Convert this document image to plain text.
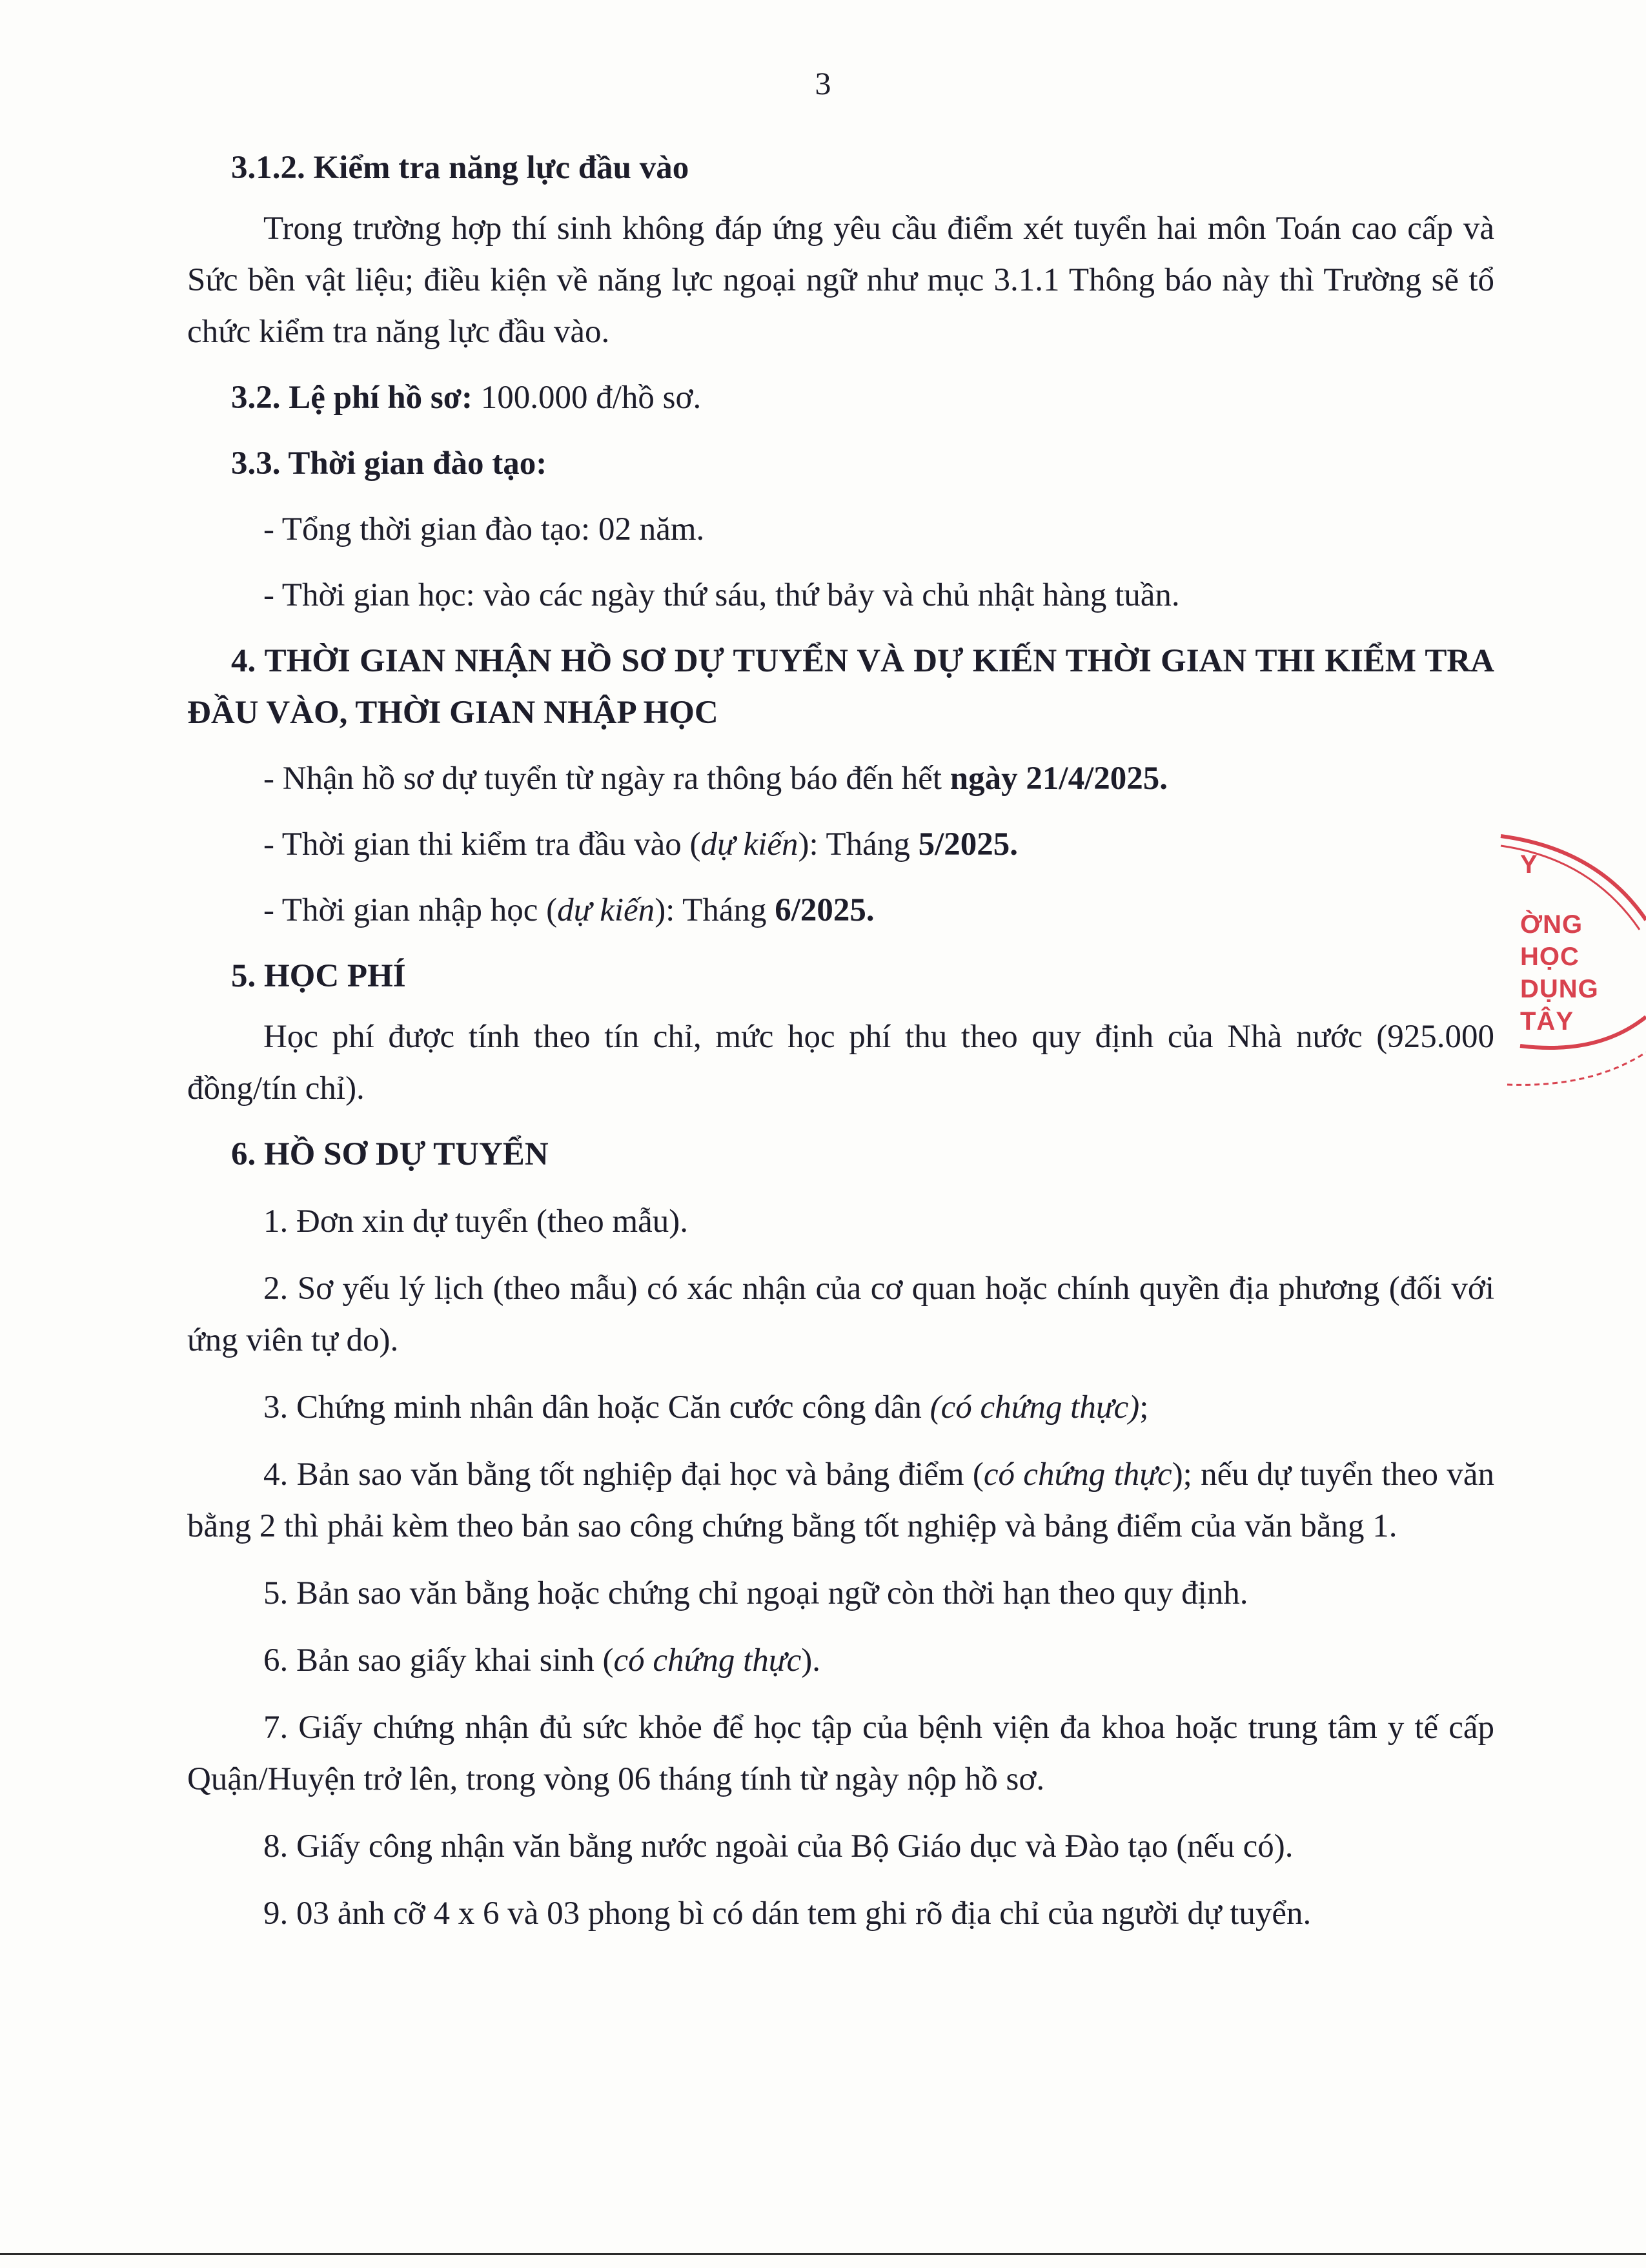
3
3.1.2. Kiểm tra năng lực đầu vào
Trong trường hợp thí sinh không đáp ứng yêu cầu điểm xét tuyển hai môn Toán cao cấp và Sức bền vật liệu; điều kiện về năng lực ngoại ngữ như mục 3.1.1 Thông báo này thì Trường sẽ tổ chức kiểm tra năng lực đầu vào.
3.2. Lệ phí hồ sơ: 100.000 đ/hồ sơ.
3.3. Thời gian đào tạo:
- Tổng thời gian đào tạo: 02 năm.
- Thời gian học: vào các ngày thứ sáu, thứ bảy và chủ nhật hàng tuần.
4. THỜI GIAN NHẬN HỒ SƠ DỰ TUYỂN VÀ DỰ KIẾN THỜI GIAN THI KIỂM TRA ĐẦU VÀO, THỜI GIAN NHẬP HỌC
- Nhận hồ sơ dự tuyển từ ngày ra thông báo đến hết ngày 21/4/2025.
- Thời gian thi kiểm tra đầu vào (dự kiến): Tháng 5/2025.
- Thời gian nhập học (dự kiến): Tháng 6/2025.
5. HỌC PHÍ
Học phí được tính theo tín chỉ, mức học phí thu theo quy định của Nhà nước (925.000 đồng/tín chỉ).
6. HỒ SƠ DỰ TUYỂN
1. Đơn xin dự tuyển (theo mẫu).
2. Sơ yếu lý lịch (theo mẫu) có xác nhận của cơ quan hoặc chính quyền địa phương (đối với ứng viên tự do).
3. Chứng minh nhân dân hoặc Căn cước công dân (có chứng thực);
4. Bản sao văn bằng tốt nghiệp đại học và bảng điểm (có chứng thực); nếu dự tuyển theo văn bằng 2 thì phải kèm theo bản sao công chứng bằng tốt nghiệp và bảng điểm của văn bằng 1.
5. Bản sao văn bằng hoặc chứng chỉ ngoại ngữ còn thời hạn theo quy định.
6. Bản sao giấy khai sinh (có chứng thực).
7. Giấy chứng nhận đủ sức khỏe để học tập của bệnh viện đa khoa hoặc trung tâm y tế cấp Quận/Huyện trở lên, trong vòng 06 tháng tính từ ngày nộp hồ sơ.
8. Giấy công nhận văn bằng nước ngoài của Bộ Giáo dục và Đào tạo (nếu có).
9. 03 ảnh cỡ 4 x 6 và 03 phong bì có dán tem ghi rõ địa chỉ của người dự tuyển.
Y
ỜNG
HỌC
DỤNG
TÂY
